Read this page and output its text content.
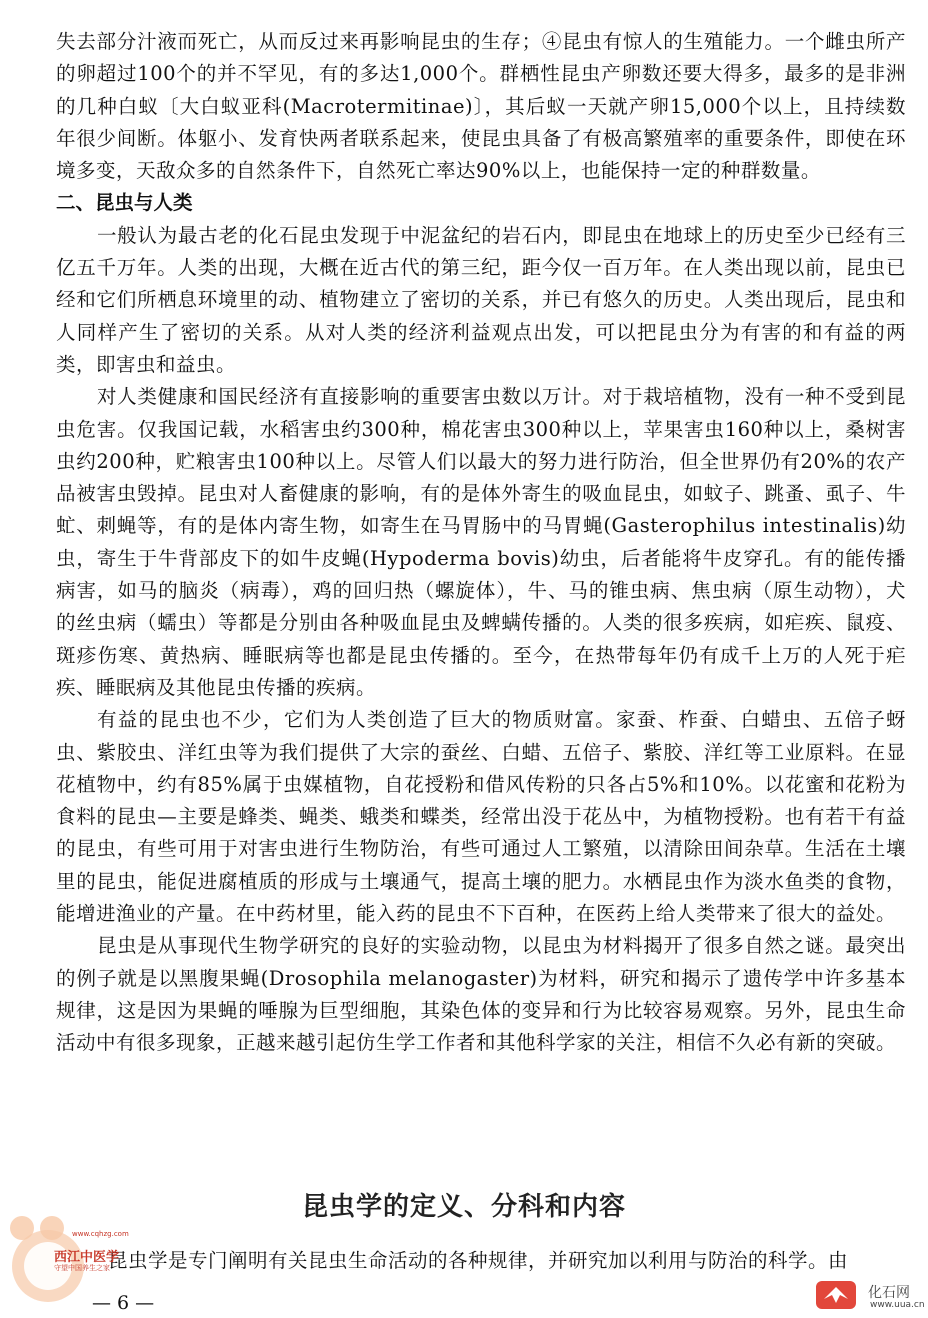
失去部分汁液而死亡，从而反过来再影响昆虫的生存；④昆虫有惊人的生殖能力。一个雌虫所产的卵超过100个的并不罕见，有的多达1,000个。群栖性昆虫产卵数还要大得多，最多的是非洲的几种白蚁〔大白蚁亚科(Macrotermitinae)〕，其后蚁一天就产卵15,000个以上，且持续数年很少间断。体躯小、发育快两者联系起来，使昆虫具备了有极高繁殖率的重要条件，即使在环境多变，天敌众多的自然条件下，自然死亡率达90%以上，也能保持一定的种群数量。

二、昆虫与人类

一般认为最古老的化石昆虫发现于中泥盆纪的岩石内，即昆虫在地球上的历史至少已经有三亿五千万年。人类的出现，大概在近古代的第三纪，距今仅一百万年。在人类出现以前，昆虫已经和它们所栖息环境里的动、植物建立了密切的关系，并已有悠久的历史。人类出现后，昆虫和人同样产生了密切的关系。从对人类的经济利益观点出发，可以把昆虫分为有害的和有益的两类，即害虫和益虫。

对人类健康和国民经济有直接影响的重要害虫数以万计。对于栽培植物，没有一种不受到昆虫危害。仅我国记载，水稻害虫约300种，棉花害虫300种以上，苹果害虫160种以上，桑树害虫约200种，贮粮害虫100种以上。尽管人们以最大的努力进行防治，但全世界仍有20%的农产品被害虫毁掉。昆虫对人畜健康的影响，有的是体外寄生的吸血昆虫，如蚊子、跳蚤、虱子、牛虻、刺蝇等，有的是体内寄生物，如寄生在马胃肠中的马胃蝇(Gasterophilus intestinalis)幼虫，寄生于牛背部皮下的如牛皮蝇(Hypoderma bovis)幼虫，后者能将牛皮穿孔。有的能传播病害，如马的脑炎（病毒），鸡的回归热（螺旋体），牛、马的锥虫病、焦虫病（原生动物），犬的丝虫病（蠕虫）等都是分别由各种吸血昆虫及蜱螨传播的。人类的很多疾病，如疟疾、鼠疫、斑疹伤寒、黄热病、睡眠病等也都是昆虫传播的。至今，在热带每年仍有成千上万的人死于疟疾、睡眠病及其他昆虫传播的疾病。

有益的昆虫也不少，它们为人类创造了巨大的物质财富。家蚕、柞蚕、白蜡虫、五倍子蚜虫、紫胶虫、洋红虫等为我们提供了大宗的蚕丝、白蜡、五倍子、紫胶、洋红等工业原料。在显花植物中，约有85%属于虫媒植物，自花授粉和借风传粉的只各占5%和10%。以花蜜和花粉为食料的昆虫—主要是蜂类、蝇类、蛾类和蝶类，经常出没于花丛中，为植物授粉。也有若干有益的昆虫，有些可用于对害虫进行生物防治，有些可通过人工繁殖，以清除田间杂草。生活在土壤里的昆虫，能促进腐植质的形成与土壤通气，提高土壤的肥力。水栖昆虫作为淡水鱼类的食物，能增进渔业的产量。在中药材里，能入药的昆虫不下百种，在医药上给人类带来了很大的益处。

昆虫是从事现代生物学研究的良好的实验动物，以昆虫为材料揭开了很多自然之谜。最突出的例子就是以黑腹果蝇(Drosophila melanogaster)为材料，研究和揭示了遗传学中许多基本规律，这是因为果蝇的唾腺为巨型细胞，其染色体的变异和行为比较容易观察。另外，昆虫生命活动中有很多现象，正越来越引起仿生学工作者和其他科学家的关注，相信不久必有新的突破。

昆虫学的定义、分科和内容
昆虫学是专门阐明有关昆虫生命活动的各种规律，并研究加以利用与防治的科学。由
— 6 —
www.cqhzg.com
西江中医学
守望中国养生之家
化石网
www.uua.cn
